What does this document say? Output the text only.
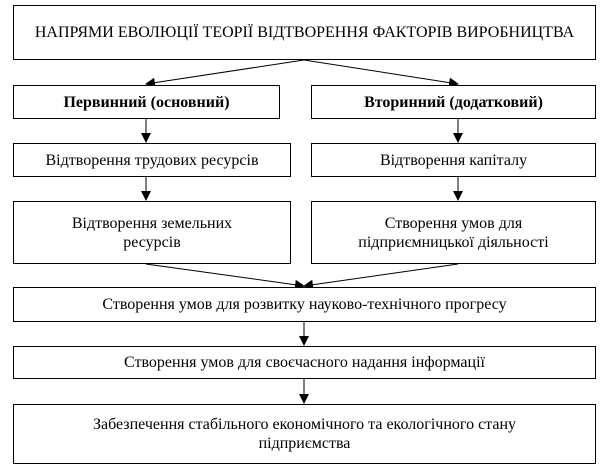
НАПРЯМИ ЕВОЛЮЦІЇ ТЕОРІЇ ВІДТВОРЕННЯ ФАКТОРІВ ВИРОБНИЦТВА
Первинний (основний)	Вторинний (додатковий)
Відтворення трудових ресурсів	Відтворення капіталу
Відтворення земельних ресурсів
Створення умов для підприємницької діяльності
Створення умов для розвитку науково-технічного прогресу
Створення умов для своєчасного надання інформації
Забезпечення стабільного економічного та екологічного стану підприємства
